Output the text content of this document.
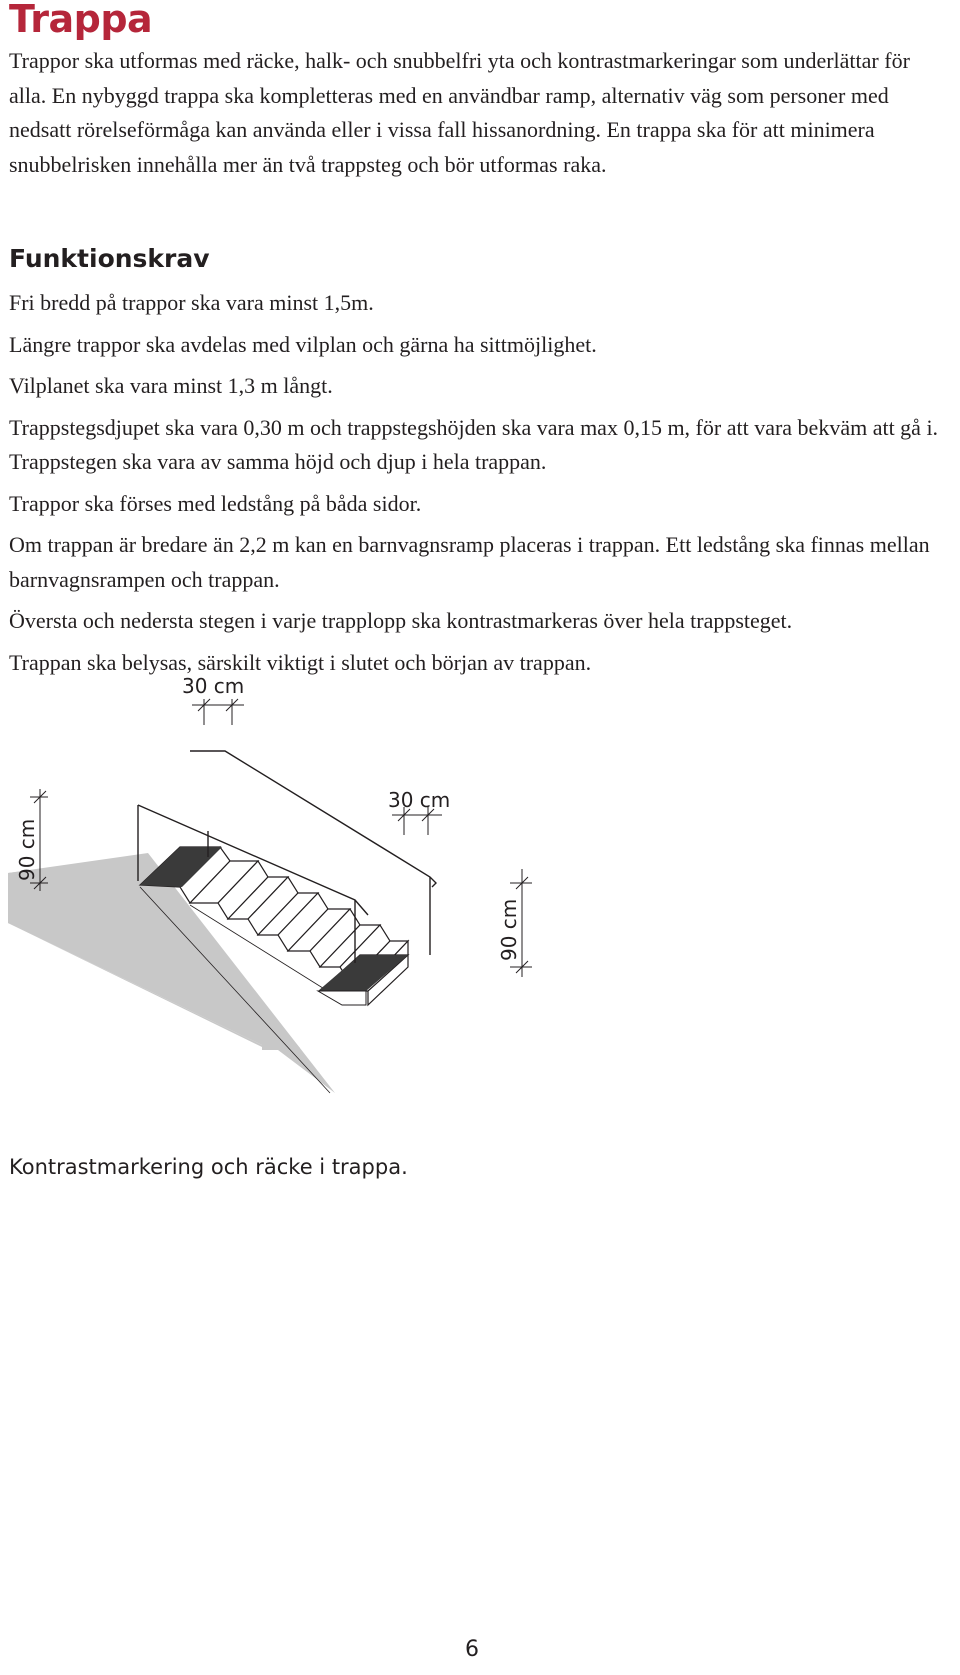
Trappa

Trappor ska utformas med räcke, halk- och snubbelfri yta och kontrastmarkeringar som underlättar för alla. En nybyggd trappa ska kompletteras med en användbar ramp, alternativ väg som personer med nedsatt rörelseförmåga kan använda eller i vissa fall hissanordning. En trappa ska för att minimera snubbelrisken innehålla mer än två trappsteg och bör utformas raka.

Funktionskrav
Fri bredd på trappor ska vara minst 1,5m.
Längre trappor ska avdelas med vilplan och gärna ha sittmöjlighet.
Vilplanet ska vara minst 1,3 m långt.
Trappstegsdjupet ska vara 0,30 m och trappstegshöjden ska vara max 0,15 m, för att vara bekväm att gå i. Trappstegen ska vara av samma höjd och djup i hela trappan.
Trappor ska förses med ledstång på båda sidor.
Om trappan är bredare än 2,2 m kan en barnvagnsramp placeras i trappan. Ett ledstång ska finnas mellan barnvagnsrampen och trappan.
Översta och nedersta stegen i varje trapplopp ska kontrastmarkeras över hela trappsteget.
Trappan ska belysas, särskilt viktigt i slutet och början av trappan.
30 cm
30 cm
90 cm
90 cm

Kontrastmarkering och räcke i trappa.

6
